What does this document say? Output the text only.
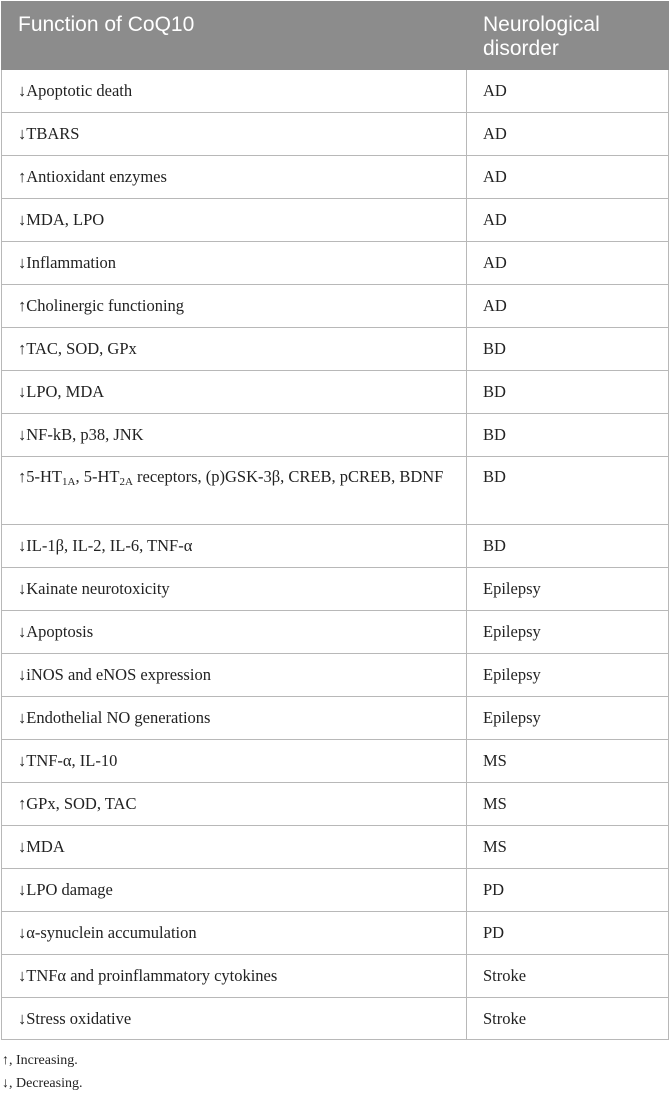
Function of CoQ10	Neurological disorder
↓Apoptotic death	AD
↓TBARS	AD
↑Antioxidant enzymes	AD
↓MDA, LPO	AD
↓Inflammation	AD
↑Cholinergic functioning	AD
↑TAC, SOD, GPx	BD
↓LPO, MDA	BD
↓NF-kB, p38, JNK	BD
$↑5-HT_{1A}$, $5-HT_{2A}$ receptors, (p)GSK-3β, CREB, pCREB, BDNF	BD
↓IL-1β, IL-2, IL-6, TNF-α	BD
↓Kainate neurotoxicity	Epilepsy
↓Apoptosis	Epilepsy
↓iNOS and eNOS expression	Epilepsy
↓Endothelial NO generations	Epilepsy
↓TNF-α, IL-10	MS
↑GPx, SOD, TAC	MS
↓MDA	MS
↓LPO damage	PD
↓α-synuclein accumulation	PD
↓TNFα and proinflammatory cytokines	Stroke
↓Stress oxidative	Stroke
↑, Increasing.
↓, Decreasing.
